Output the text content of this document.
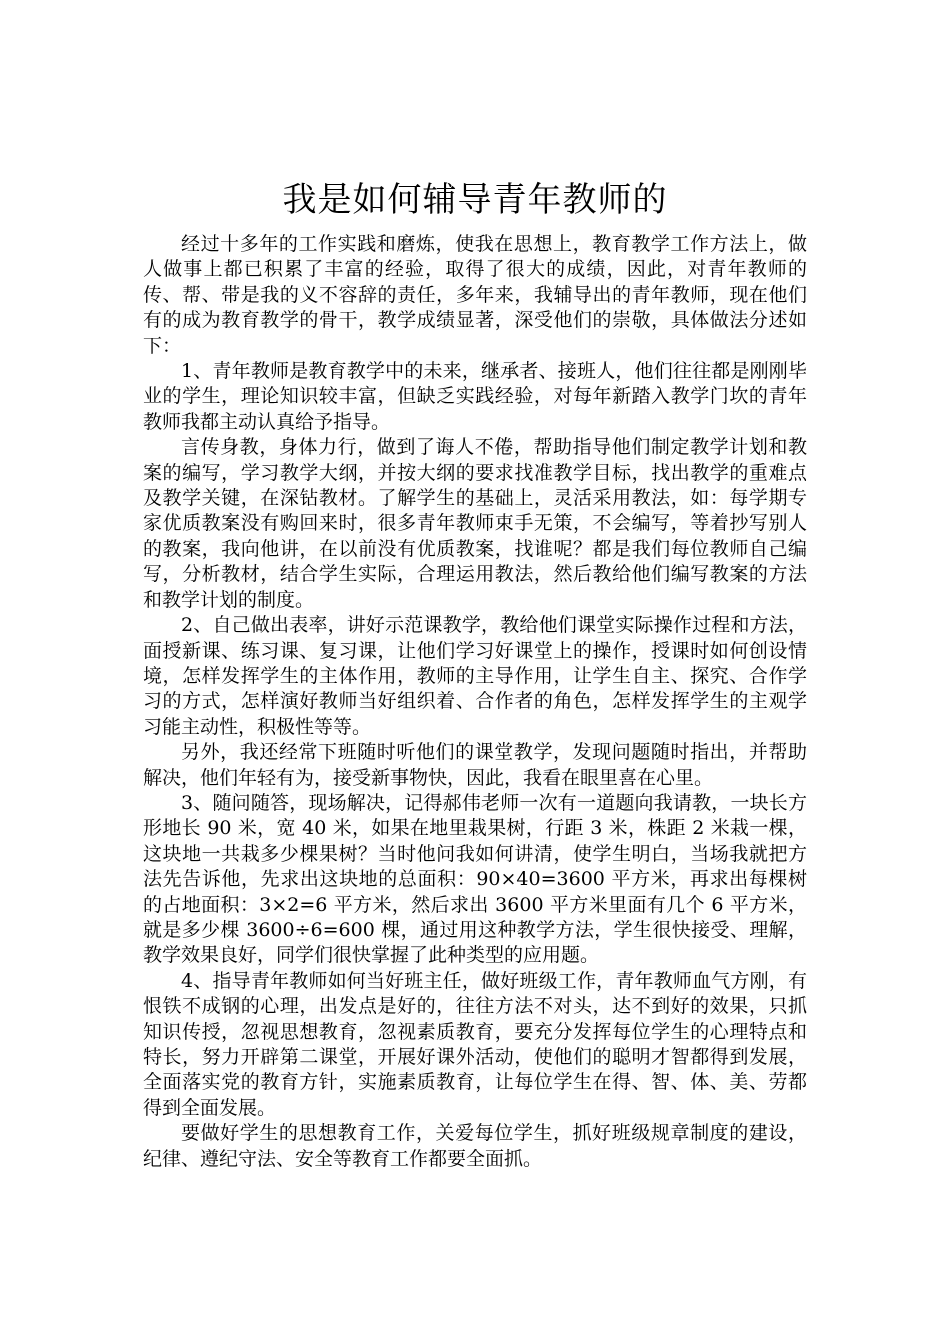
我是如何辅导青年教师的

经过十多年的工作实践和磨炼，使我在思想上，教育教学工作方法上，做人做事上都已积累了丰富的经验，取得了很大的成绩，因此，对青年教师的传、帮、带是我的义不容辞的责任，多年来，我辅导出的青年教师，现在他们有的成为教育教学的骨干，教学成绩显著，深受他们的崇敬，具体做法分述如下：

1、青年教师是教育教学中的未来，继承者、接班人，他们往往都是刚刚毕业的学生，理论知识较丰富，但缺乏实践经验，对每年新踏入教学门坎的青年教师我都主动认真给予指导。

言传身教，身体力行，做到了诲人不倦，帮助指导他们制定教学计划和教案的编写，学习教学大纲，并按大纲的要求找准教学目标，找出教学的重难点及教学关键，在深钻教材。了解学生的基础上，灵活采用教法，如：每学期专家优质教案没有购回来时，很多青年教师束手无策，不会编写，等着抄写别人的教案，我向他讲，在以前没有优质教案，找谁呢？都是我们每位教师自己编写，分析教材，结合学生实际，合理运用教法，然后教给他们编写教案的方法和教学计划的制度。

2、自己做出表率，讲好示范课教学，教给他们课堂实际操作过程和方法，面授新课、练习课、复习课，让他们学习好课堂上的操作，授课时如何创设情境，怎样发挥学生的主体作用，教师的主导作用，让学生自主、探究、合作学习的方式，怎样演好教师当好组织着、合作者的角色，怎样发挥学生的主观学习能主动性，积极性等等。

另外，我还经常下班随时听他们的课堂教学，发现问题随时指出，并帮助解决，他们年轻有为，接受新事物快，因此，我看在眼里喜在心里。

3、随问随答，现场解决，记得郝伟老师一次有一道题向我请教，一块长方形地长 90 米，宽 40 米，如果在地里栽果树，行距 3 米，株距 2 米栽一棵，这块地一共栽多少棵果树？当时他问我如何讲清，使学生明白，当场我就把方法先告诉他，先求出这块地的总面积：90×40=3600 平方米，再求出每棵树的占地面积：3×2=6 平方米，然后求出 3600 平方米里面有几个 6 平方米，就是多少棵 3600÷6=600 棵，通过用这种教学方法，学生很快接受、理解，教学效果良好，同学们很快掌握了此种类型的应用题。

4、指导青年教师如何当好班主任，做好班级工作，青年教师血气方刚，有恨铁不成钢的心理，出发点是好的，往往方法不对头，达不到好的效果，只抓知识传授，忽视思想教育，忽视素质教育，要充分发挥每位学生的心理特点和特长，努力开辟第二课堂，开展好课外活动，使他们的聪明才智都得到发展，全面落实党的教育方针，实施素质教育，让每位学生在得、智、体、美、劳都得到全面发展。

要做好学生的思想教育工作，关爱每位学生，抓好班级规章制度的建设，纪律、遵纪守法、安全等教育工作都要全面抓。
